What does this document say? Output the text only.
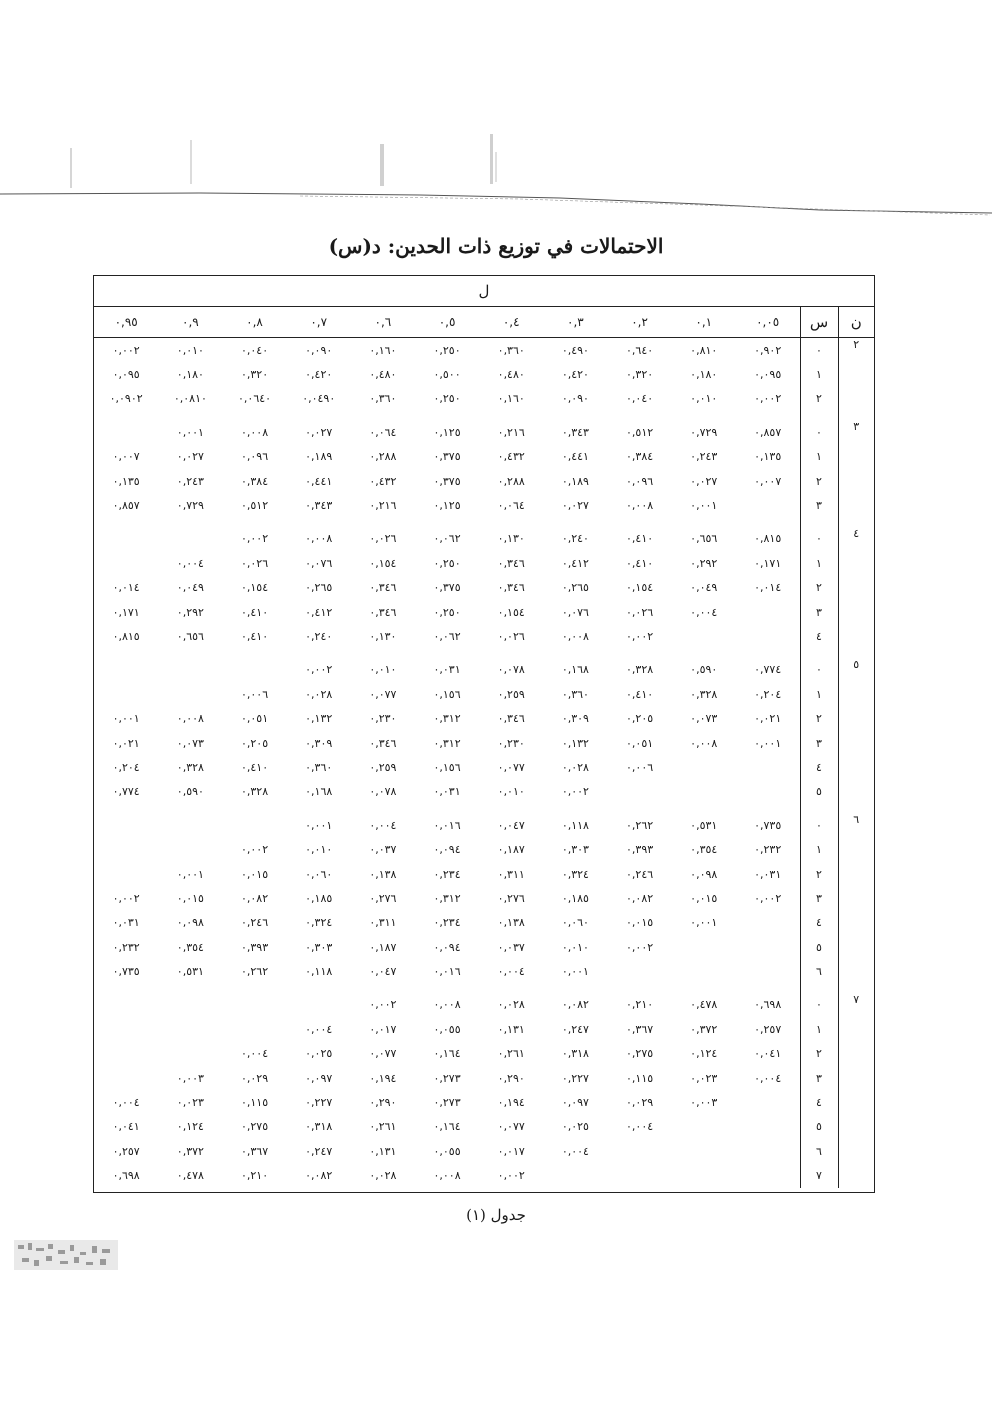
الاحتمالات في توزيع ذات الحدين: د(س)
ل												
ن	س	٠,٠٥	٠,١	٠,٢	٠,٣	٠,٤	٠,٥	٠,٦	٠,٧	٠,٨	٠,٩	٠,٩٥
٢	٠	٠,٩٠٢	٠,٨١٠	٠,٦٤٠	٠,٤٩٠	٠,٣٦٠	٠,٢٥٠	٠,١٦٠	٠,٠٩٠	٠,٠٤٠	٠,٠١٠	٠,٠٠٢
	١	٠,٠٩٥	٠,١٨٠	٠,٣٢٠	٠,٤٢٠	٠,٤٨٠	٠,٥٠٠	٠,٤٨٠	٠,٤٢٠	٠,٣٢٠	٠,١٨٠	٠,٠٩٥
	٢	٠,٠٠٢	٠,٠١٠	٠,٠٤٠	٠,٠٩٠	٠,١٦٠	٠,٢٥٠	٠,٣٦٠	٠,٠٤٩٠	٠,٠٦٤٠	٠,٠٨١٠	٠,٠٩٠٢

٣	٠	٠,٨٥٧	٠,٧٢٩	٠,٥١٢	٠,٣٤٣	٠,٢١٦	٠,١٢٥	٠,٠٦٤	٠,٠٢٧	٠,٠٠٨	٠,٠٠١	
	١	٠,١٣٥	٠,٢٤٣	٠,٣٨٤	٠,٤٤١	٠,٤٣٢	٠,٣٧٥	٠,٢٨٨	٠,١٨٩	٠,٠٩٦	٠,٠٢٧	٠,٠٠٧
	٢	٠,٠٠٧	٠,٠٢٧	٠,٠٩٦	٠,١٨٩	٠,٢٨٨	٠,٣٧٥	٠,٤٣٢	٠,٤٤١	٠,٣٨٤	٠,٢٤٣	٠,١٣٥
	٣		٠,٠٠١	٠,٠٠٨	٠,٠٢٧	٠,٠٦٤	٠,١٢٥	٠,٢١٦	٠,٣٤٣	٠,٥١٢	٠,٧٢٩	٠,٨٥٧

٤	٠	٠,٨١٥	٠,٦٥٦	٠,٤١٠	٠,٢٤٠	٠,١٣٠	٠,٠٦٢	٠,٠٢٦	٠,٠٠٨	٠,٠٠٢		
	١	٠,١٧١	٠,٢٩٢	٠,٤١٠	٠,٤١٢	٠,٣٤٦	٠,٢٥٠	٠,١٥٤	٠,٠٧٦	٠,٠٢٦	٠,٠٠٤	
	٢	٠,٠١٤	٠,٠٤٩	٠,١٥٤	٠,٢٦٥	٠,٣٤٦	٠,٣٧٥	٠,٣٤٦	٠,٢٦٥	٠,١٥٤	٠,٠٤٩	٠,٠١٤
	٣		٠,٠٠٤	٠,٠٢٦	٠,٠٧٦	٠,١٥٤	٠,٢٥٠	٠,٣٤٦	٠,٤١٢	٠,٤١٠	٠,٢٩٢	٠,١٧١
	٤			٠,٠٠٢	٠,٠٠٨	٠,٠٢٦	٠,٠٦٢	٠,١٣٠	٠,٢٤٠	٠,٤١٠	٠,٦٥٦	٠,٨١٥

٥	٠	٠,٧٧٤	٠,٥٩٠	٠,٣٢٨	٠,١٦٨	٠,٠٧٨	٠,٠٣١	٠,٠١٠	٠,٠٠٢			
	١	٠,٢٠٤	٠,٣٢٨	٠,٤١٠	٠,٣٦٠	٠,٢٥٩	٠,١٥٦	٠,٠٧٧	٠,٠٢٨	٠,٠٠٦		
	٢	٠,٠٢١	٠,٠٧٣	٠,٢٠٥	٠,٣٠٩	٠,٣٤٦	٠,٣١٢	٠,٢٣٠	٠,١٣٢	٠,٠٥١	٠,٠٠٨	٠,٠٠١
	٣	٠,٠٠١	٠,٠٠٨	٠,٠٥١	٠,١٣٢	٠,٢٣٠	٠,٣١٢	٠,٣٤٦	٠,٣٠٩	٠,٢٠٥	٠,٠٧٣	٠,٠٢١
	٤			٠,٠٠٦	٠,٠٢٨	٠,٠٧٧	٠,١٥٦	٠,٢٥٩	٠,٣٦٠	٠,٤١٠	٠,٣٢٨	٠,٢٠٤
	٥				٠,٠٠٢	٠,٠١٠	٠,٠٣١	٠,٠٧٨	٠,١٦٨	٠,٣٢٨	٠,٥٩٠	٠,٧٧٤

٦	٠	٠,٧٣٥	٠,٥٣١	٠,٢٦٢	٠,١١٨	٠,٠٤٧	٠,٠١٦	٠,٠٠٤	٠,٠٠١			
	١	٠,٢٣٢	٠,٣٥٤	٠,٣٩٣	٠,٣٠٣	٠,١٨٧	٠,٠٩٤	٠,٠٣٧	٠,٠١٠	٠,٠٠٢		
	٢	٠,٠٣١	٠,٠٩٨	٠,٢٤٦	٠,٣٢٤	٠,٣١١	٠,٢٣٤	٠,١٣٨	٠,٠٦٠	٠,٠١٥	٠,٠٠١	
	٣	٠,٠٠٢	٠,٠١٥	٠,٠٨٢	٠,١٨٥	٠,٢٧٦	٠,٣١٢	٠,٢٧٦	٠,١٨٥	٠,٠٨٢	٠,٠١٥	٠,٠٠٢
	٤		٠,٠٠١	٠,٠١٥	٠,٠٦٠	٠,١٣٨	٠,٢٣٤	٠,٣١١	٠,٣٢٤	٠,٢٤٦	٠,٠٩٨	٠,٠٣١
	٥			٠,٠٠٢	٠,٠١٠	٠,٠٣٧	٠,٠٩٤	٠,١٨٧	٠,٣٠٣	٠,٣٩٣	٠,٣٥٤	٠,٢٣٢
	٦				٠,٠٠١	٠,٠٠٤	٠,٠١٦	٠,٠٤٧	٠,١١٨	٠,٢٦٢	٠,٥٣١	٠,٧٣٥

٧	٠	٠,٦٩٨	٠,٤٧٨	٠,٢١٠	٠,٠٨٢	٠,٠٢٨	٠,٠٠٨	٠,٠٠٢				
	١	٠,٢٥٧	٠,٣٧٢	٠,٣٦٧	٠,٢٤٧	٠,١٣١	٠,٠٥٥	٠,٠١٧	٠,٠٠٤			
	٢	٠,٠٤١	٠,١٢٤	٠,٢٧٥	٠,٣١٨	٠,٢٦١	٠,١٦٤	٠,٠٧٧	٠,٠٢٥	٠,٠٠٤		
	٣	٠,٠٠٤	٠,٠٢٣	٠,١١٥	٠,٢٢٧	٠,٢٩٠	٠,٢٧٣	٠,١٩٤	٠,٠٩٧	٠,٠٢٩	٠,٠٠٣	
	٤		٠,٠٠٣	٠,٠٢٩	٠,٠٩٧	٠,١٩٤	٠,٢٧٣	٠,٢٩٠	٠,٢٢٧	٠,١١٥	٠,٠٢٣	٠,٠٠٤
	٥			٠,٠٠٤	٠,٠٢٥	٠,٠٧٧	٠,١٦٤	٠,٢٦١	٠,٣١٨	٠,٢٧٥	٠,١٢٤	٠,٠٤١
	٦				٠,٠٠٤	٠,٠١٧	٠,٠٥٥	٠,١٣١	٠,٢٤٧	٠,٣٦٧	٠,٣٧٢	٠,٢٥٧
	٧					٠,٠٠٢	٠,٠٠٨	٠,٠٢٨	٠,٠٨٢	٠,٢١٠	٠,٤٧٨	٠,٦٩٨
جدول (١)
